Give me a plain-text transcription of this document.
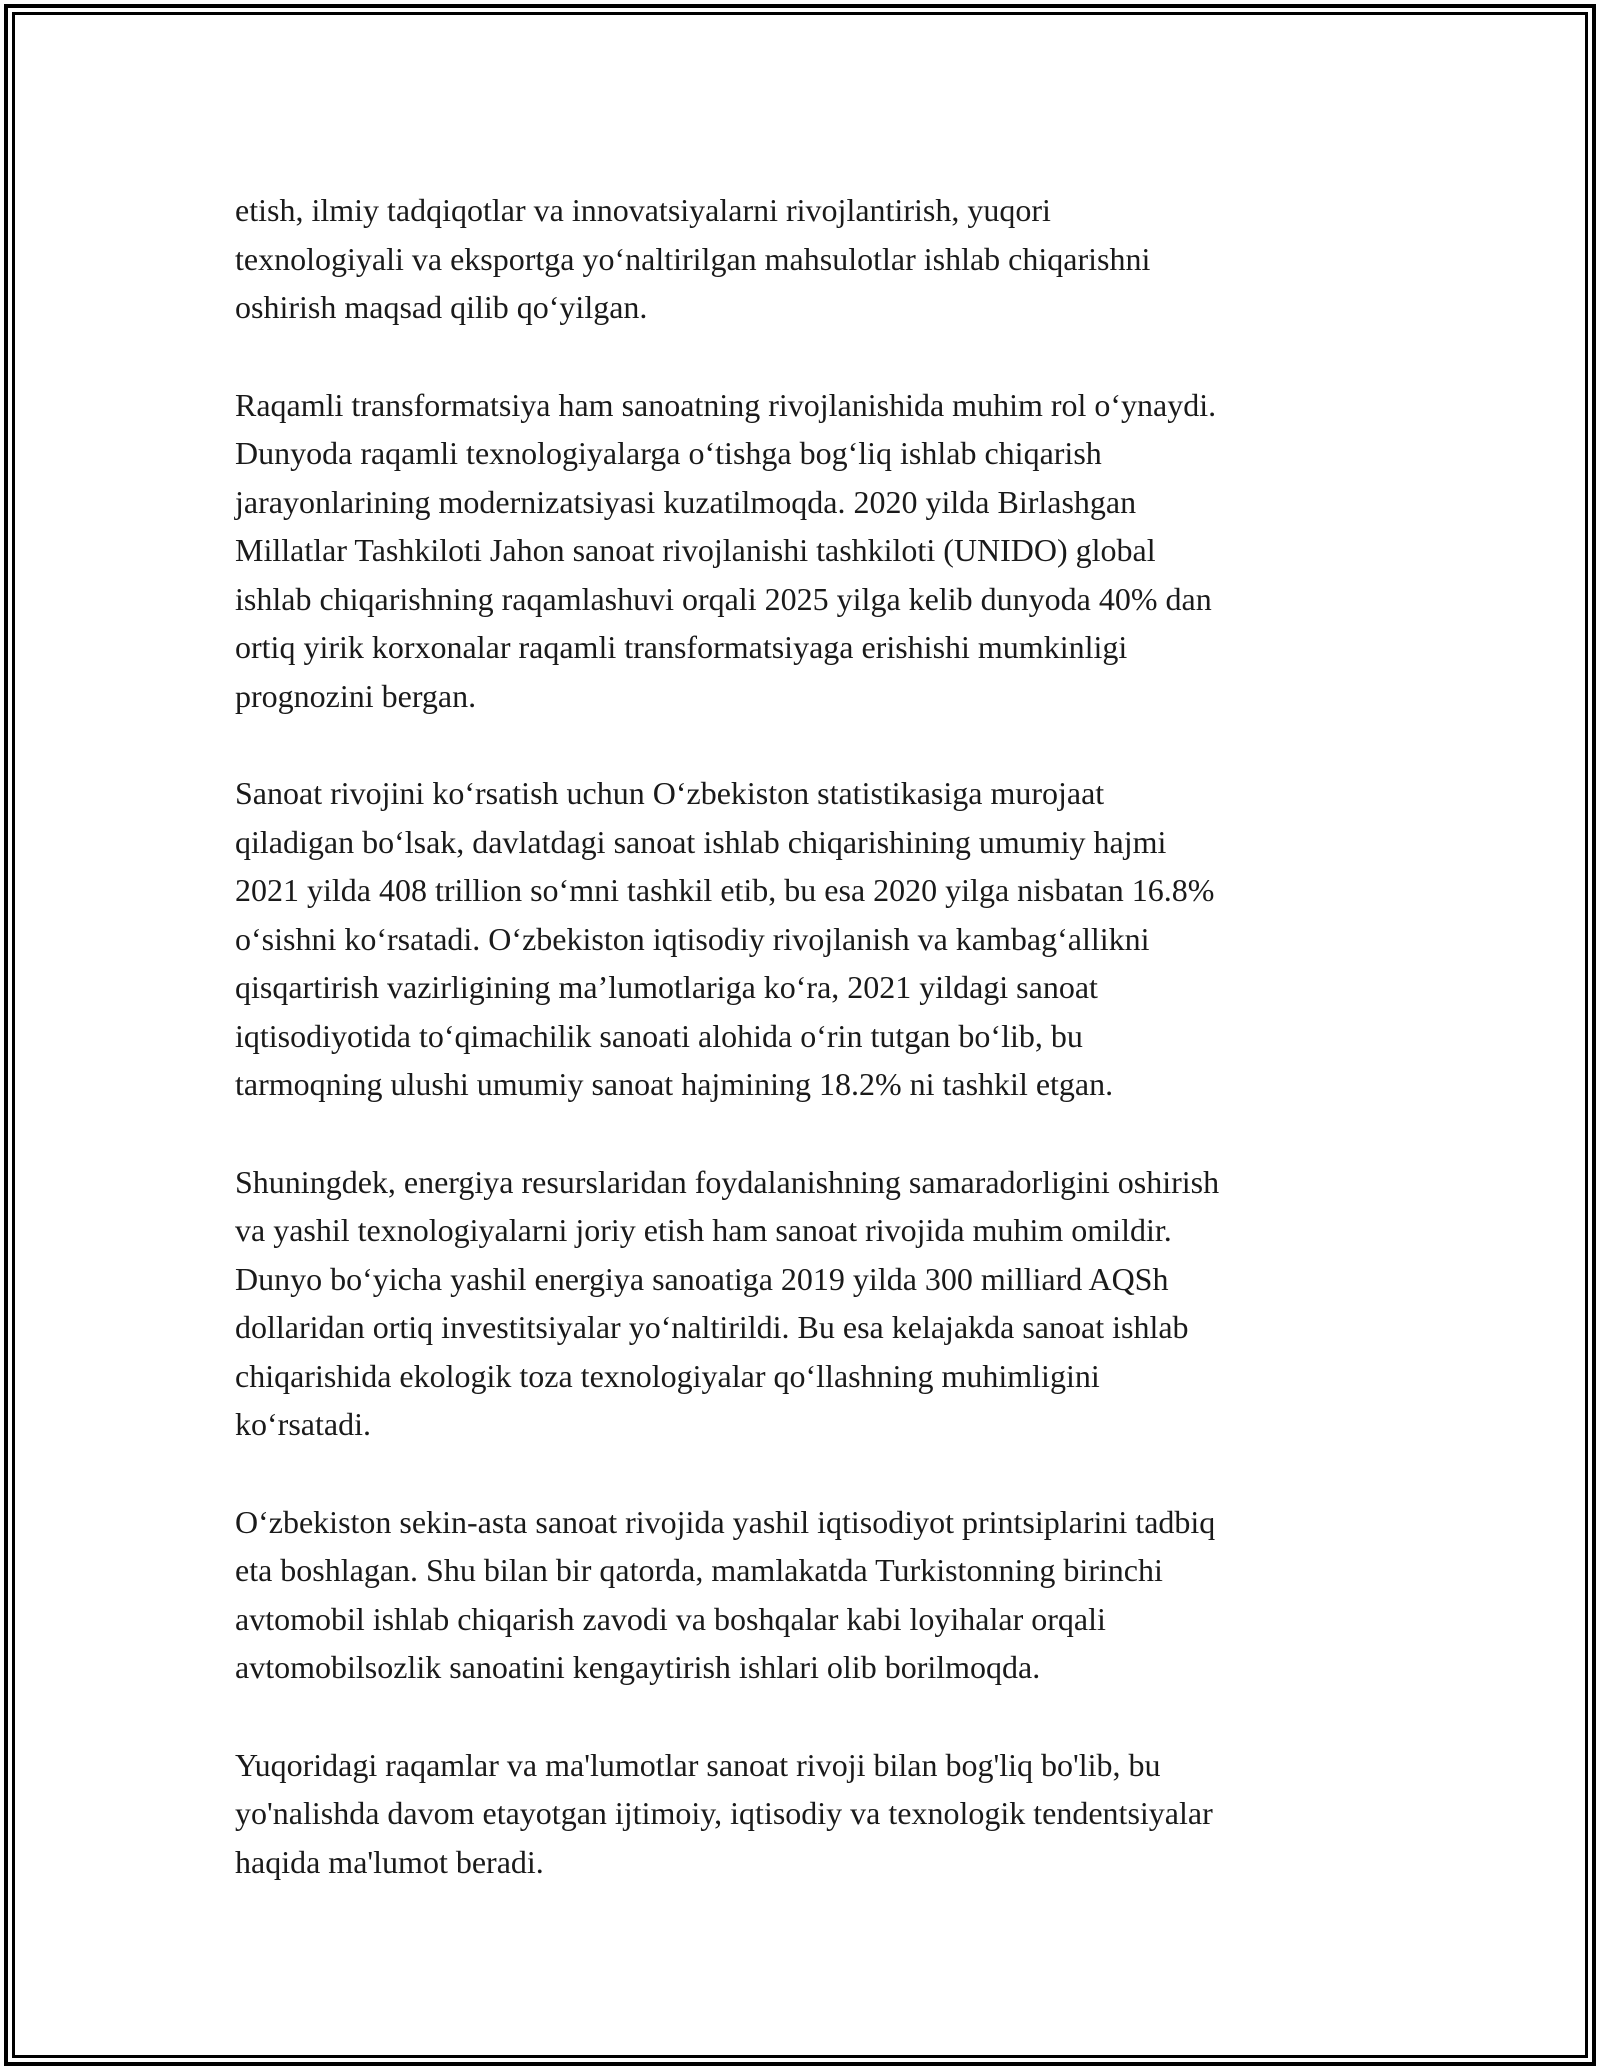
etish, ilmiy tadqiqotlar va innovatsiyalarni rivojlantirish, yuqori
texnologiyali va eksportga yo‘naltirilgan mahsulotlar ishlab chiqarishni
oshirish maqsad qilib qo‘yilgan.

Raqamli transformatsiya ham sanoatning rivojlanishida muhim rol o‘ynaydi.
Dunyoda raqamli texnologiyalarga o‘tishga bog‘liq ishlab chiqarish
jarayonlarining modernizatsiyasi kuzatilmoqda. 2020 yilda Birlashgan
Millatlar Tashkiloti Jahon sanoat rivojlanishi tashkiloti (UNIDO) global
ishlab chiqarishning raqamlashuvi orqali 2025 yilga kelib dunyoda 40% dan
ortiq yirik korxonalar raqamli transformatsiyaga erishishi mumkinligi
prognozini bergan.

Sanoat rivojini ko‘rsatish uchun O‘zbekiston statistikasiga murojaat
qiladigan bo‘lsak, davlatdagi sanoat ishlab chiqarishining umumiy hajmi
2021 yilda 408 trillion so‘mni tashkil etib, bu esa 2020 yilga nisbatan 16.8%
o‘sishni ko‘rsatadi. O‘zbekiston iqtisodiy rivojlanish va kambag‘allikni
qisqartirish vazirligining ma’lumotlariga ko‘ra, 2021 yildagi sanoat
iqtisodiyotida to‘qimachilik sanoati alohida o‘rin tutgan bo‘lib, bu
tarmoqning ulushi umumiy sanoat hajmining 18.2% ni tashkil etgan.

Shuningdek, energiya resurslaridan foydalanishning samaradorligini oshirish
va yashil texnologiyalarni joriy etish ham sanoat rivojida muhim omildir.
Dunyo bo‘yicha yashil energiya sanoatiga 2019 yilda 300 milliard AQSh
dollaridan ortiq investitsiyalar yo‘naltirildi. Bu esa kelajakda sanoat ishlab
chiqarishida ekologik toza texnologiyalar qo‘llashning muhimligini
ko‘rsatadi.

O‘zbekiston sekin-asta sanoat rivojida yashil iqtisodiyot printsiplarini tadbiq
eta boshlagan. Shu bilan bir qatorda, mamlakatda Turkistonning birinchi
avtomobil ishlab chiqarish zavodi va boshqalar kabi loyihalar orqali
avtomobilsozlik sanoatini kengaytirish ishlari olib borilmoqda.

Yuqoridagi raqamlar va ma'lumotlar sanoat rivoji bilan bog'liq bo'lib, bu
yo'nalishda davom etayotgan ijtimoiy, iqtisodiy va texnologik tendentsiyalar
haqida ma'lumot beradi.
